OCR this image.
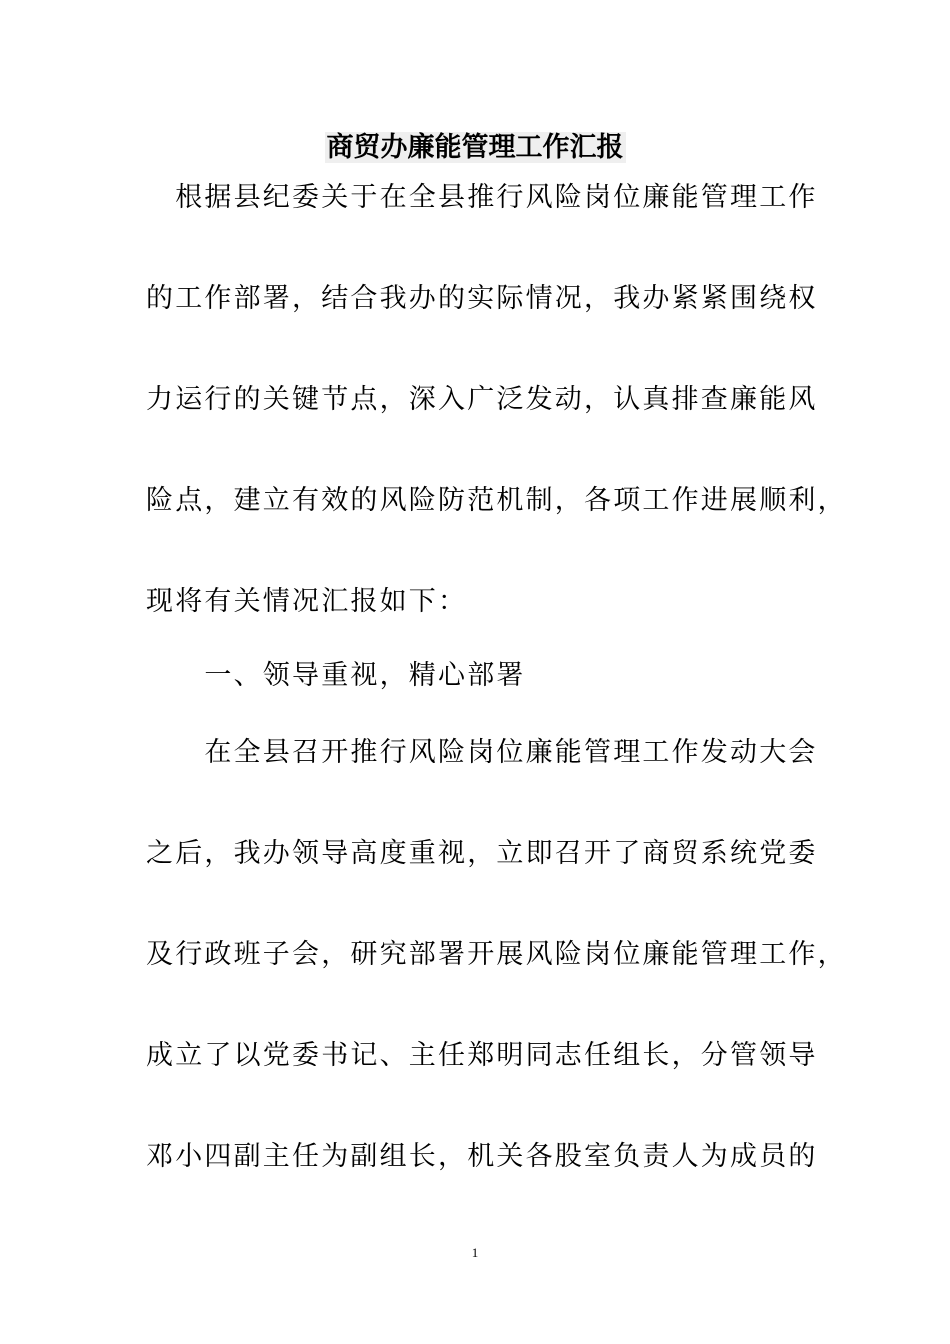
商贸办廉能管理工作汇报
　根据县纪委关于在全县推行风险岗位廉能管理工作
的工作部署，结合我办的实际情况，我办紧紧围绕权
力运行的关键节点，深入广泛发动，认真排查廉能风
险点，建立有效的风险防范机制，各项工作进展顺利，
现将有关情况汇报如下：
　　一、领导重视，精心部署
　　在全县召开推行风险岗位廉能管理工作发动大会
之后，我办领导高度重视，立即召开了商贸系统党委
及行政班子会，研究部署开展风险岗位廉能管理工作，
成立了以党委书记、主任郑明同志任组长，分管领导
邓小四副主任为副组长，机关各股室负责人为成员的
1
